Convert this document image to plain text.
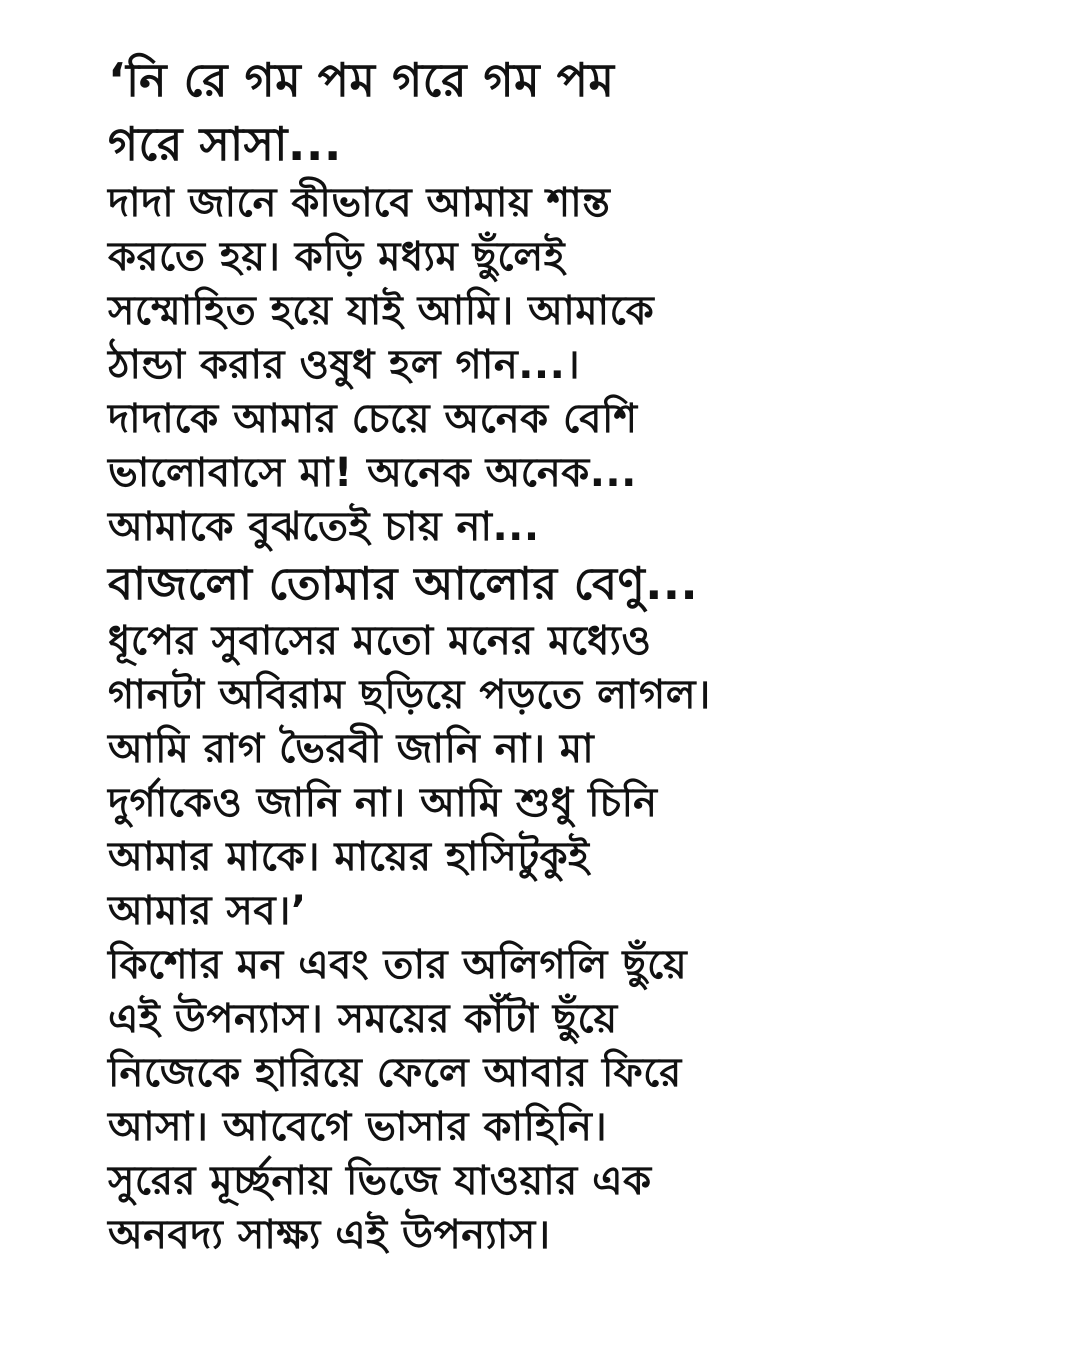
‘নি রে গম পম গরে গম পম
গরে সাসা...
দাদা জানে কীভাবে আমায় শান্ত
করতে হয়। কড়ি মধ্যম ছুঁলেই
সম্মোহিত হয়ে যাই আমি। আমাকে
ঠান্ডা করার ওষুধ হল গান...।
দাদাকে আমার চেয়ে অনেক বেশি
ভালোবাসে মা! অনেক অনেক...
আমাকে বুঝতেই চায় না...
বাজলো তোমার আলোর বেণু...
ধূপের সুবাসের মতো মনের মধ্যেও
গানটা অবিরাম ছড়িয়ে পড়তে লাগল।
আমি রাগ ভৈরবী জানি না। মা
দুর্গাকেও জানি না। আমি শুধু চিনি
আমার মাকে। মায়ের হাসিটুকুই
আমার সব।’
কিশোর মন এবং তার অলিগলি ছুঁয়ে
এই উপন্যাস। সময়ের কাঁটা ছুঁয়ে
নিজেকে হারিয়ে ফেলে আবার ফিরে
আসা। আবেগে ভাসার কাহিনি।
সুরের মূর্চ্ছনায় ভিজে যাওয়ার এক
অনবদ্য সাক্ষ্য এই উপন্যাস।
